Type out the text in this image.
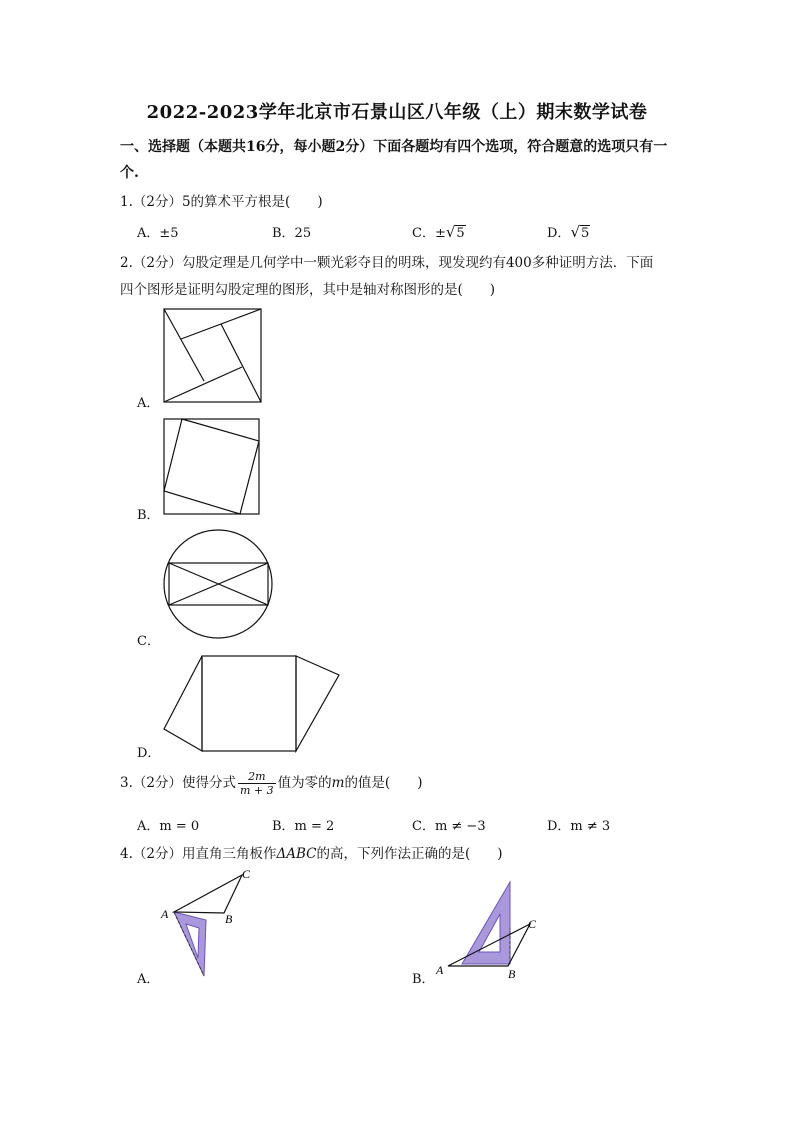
2022-2023学年北京市石景山区八年级（上）期末数学试卷
一、选择题（本题共16分，每小题2分）下面各题均有四个选项，符合题意的选项只有一
个.
1.（2分）5的算术平方根是(　　)
A．±5	B．25	C．±√5	D．√5
2.（2分）勾股定理是几何学中一颗光彩夺目的明珠，现发现约有400多种证明方法．下面
四个图形是证明勾股定理的图形，其中是轴对称图形的是(　　)
A．
B．
C．
D．
3.（2分）使得分式 $\frac{2m}{m + 3}$ 值为零的m的值是(　　)
A．m = 0	B．m = 2	C．m ≠ −3	D．m ≠ 3
4.（2分）用直角三角板作ΔABC的高，下列作法正确的是(　　)
A	B
C
A．
A	B
C
B．
